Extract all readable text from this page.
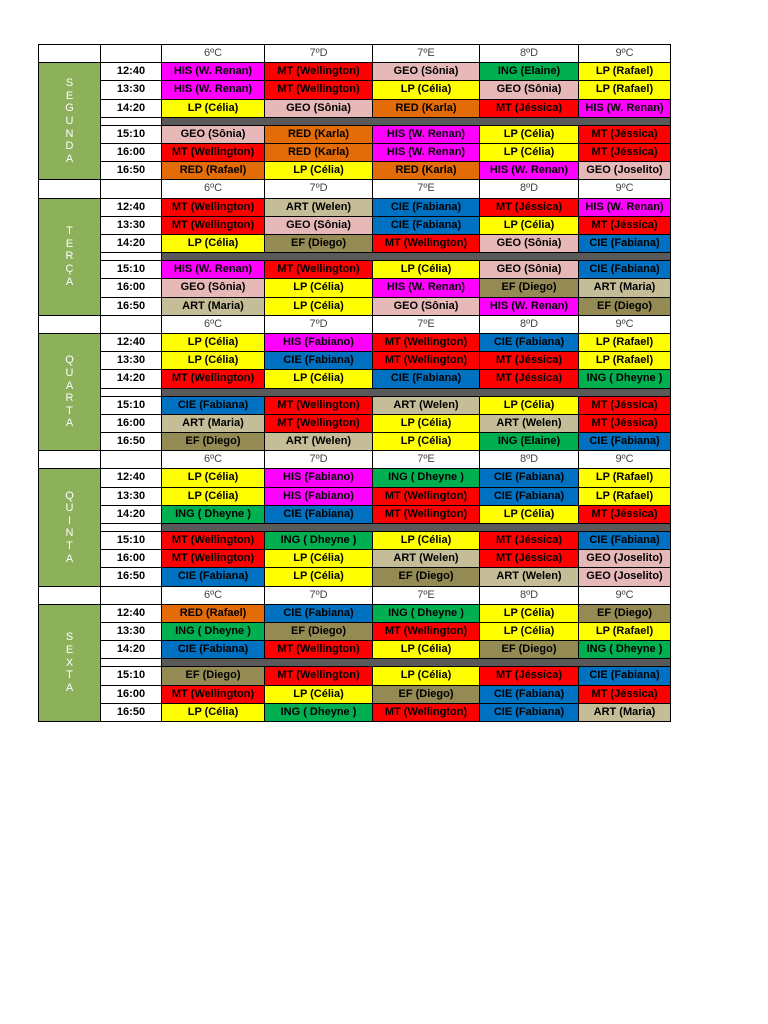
6ºC	7ºD	7ºE	8ºD	9ºC
12:40	HIS (W. Renan)	MT (Wellington)	GEO (Sônia)	ING (Elaine)	LP (Rafael)
13:30	HIS (W. Renan)	MT (Wellington)	LP (Célia)	GEO (Sônia)	LP (Rafael)
14:20	LP (Célia)	GEO (Sônia)	RED (Karla)	MT (Jéssica)	HIS (W. Renan)
15:10	GEO (Sônia)	RED (Karla)	HIS (W. Renan)	LP (Célia)	MT (Jéssica)
16:00	MT (Wellington)	RED (Karla)	HIS (W. Renan)	LP (Célia)	MT (Jéssica)
16:50	RED (Rafael)	LP (Célia)	RED (Karla)	HIS (W. Renan)	GEO (Joselito)
S
E
G
U
N
D
A
6ºC	7ºD	7ºE	8ºD	9ºC
12:40	MT (Wellington)	ART (Welen)	CIE (Fabiana)	MT (Jéssica)	HIS (W. Renan)
13:30	MT (Wellington)	GEO (Sônia)	CIE (Fabiana)	LP (Célia)	MT (Jéssica)
14:20	LP (Célia)	EF (Diego)	MT (Wellington)	GEO (Sônia)	CIE (Fabiana)
15:10	HIS (W. Renan)	MT (Wellington)	LP (Célia)	GEO (Sônia)	CIE (Fabiana)
16:00	GEO (Sônia)	LP (Célia)	HIS (W. Renan)	EF (Diego)	ART (Maria)
16:50	ART (Maria)	LP (Célia)	GEO (Sônia)	HIS (W. Renan)	EF (Diego)
T
E
R
Ç
A
6ºC	7ºD	7ºE	8ºD	9ºC
12:40	LP (Célia)	HIS (Fabiano)	MT (Wellington)	CIE (Fabiana)	LP (Rafael)
13:30	LP (Célia)	CIE (Fabiana)	MT (Wellington)	MT (Jéssica)	LP (Rafael)
14:20	MT (Wellington)	LP (Célia)	CIE (Fabiana)	MT (Jéssica)	ING ( Dheyne )
15:10	CIE (Fabiana)	MT (Wellington)	ART (Welen)	LP (Célia)	MT (Jéssica)
16:00	ART (Maria)	MT (Wellington)	LP (Célia)	ART (Welen)	MT (Jéssica)
16:50	EF (Diego)	ART (Welen)	LP (Célia)	ING (Elaine)	CIE (Fabiana)
Q
U
A
R
T
A
6ºC	7ºD	7ºE	8ºD	9ºC
12:40	LP (Célia)	HIS (Fabiano)	ING ( Dheyne )	CIE (Fabiana)	LP (Rafael)
13:30	LP (Célia)	HIS (Fabiano)	MT (Wellington)	CIE (Fabiana)	LP (Rafael)
14:20	ING ( Dheyne )	CIE (Fabiana)	MT (Wellington)	LP (Célia)	MT (Jéssica)
15:10	MT (Wellington)	ING ( Dheyne )	LP (Célia)	MT (Jéssica)	CIE (Fabiana)
16:00	MT (Wellington)	LP (Célia)	ART (Welen)	MT (Jéssica)	GEO (Joselito)
16:50	CIE (Fabiana)	LP (Célia)	EF (Diego)	ART (Welen)	GEO (Joselito)
Q
U
I
N
T
A
6ºC	7ºD	7ºE	8ºD	9ºC
12:40	RED (Rafael)	CIE (Fabiana)	ING ( Dheyne )	LP (Célia)	EF (Diego)
13:30	ING ( Dheyne )	EF (Diego)	MT (Wellington)	LP (Célia)	LP (Rafael)
14:20	CIE (Fabiana)	MT (Wellington)	LP (Célia)	EF (Diego)	ING ( Dheyne )
15:10	EF (Diego)	MT (Wellington)	LP (Célia)	MT (Jéssica)	CIE (Fabiana)
16:00	MT (Wellington)	LP (Célia)	EF (Diego)	CIE (Fabiana)	MT (Jéssica)
16:50	LP (Célia)	ING ( Dheyne )	MT (Wellington)	CIE (Fabiana)	ART (Maria)
S
E
X
T
A
